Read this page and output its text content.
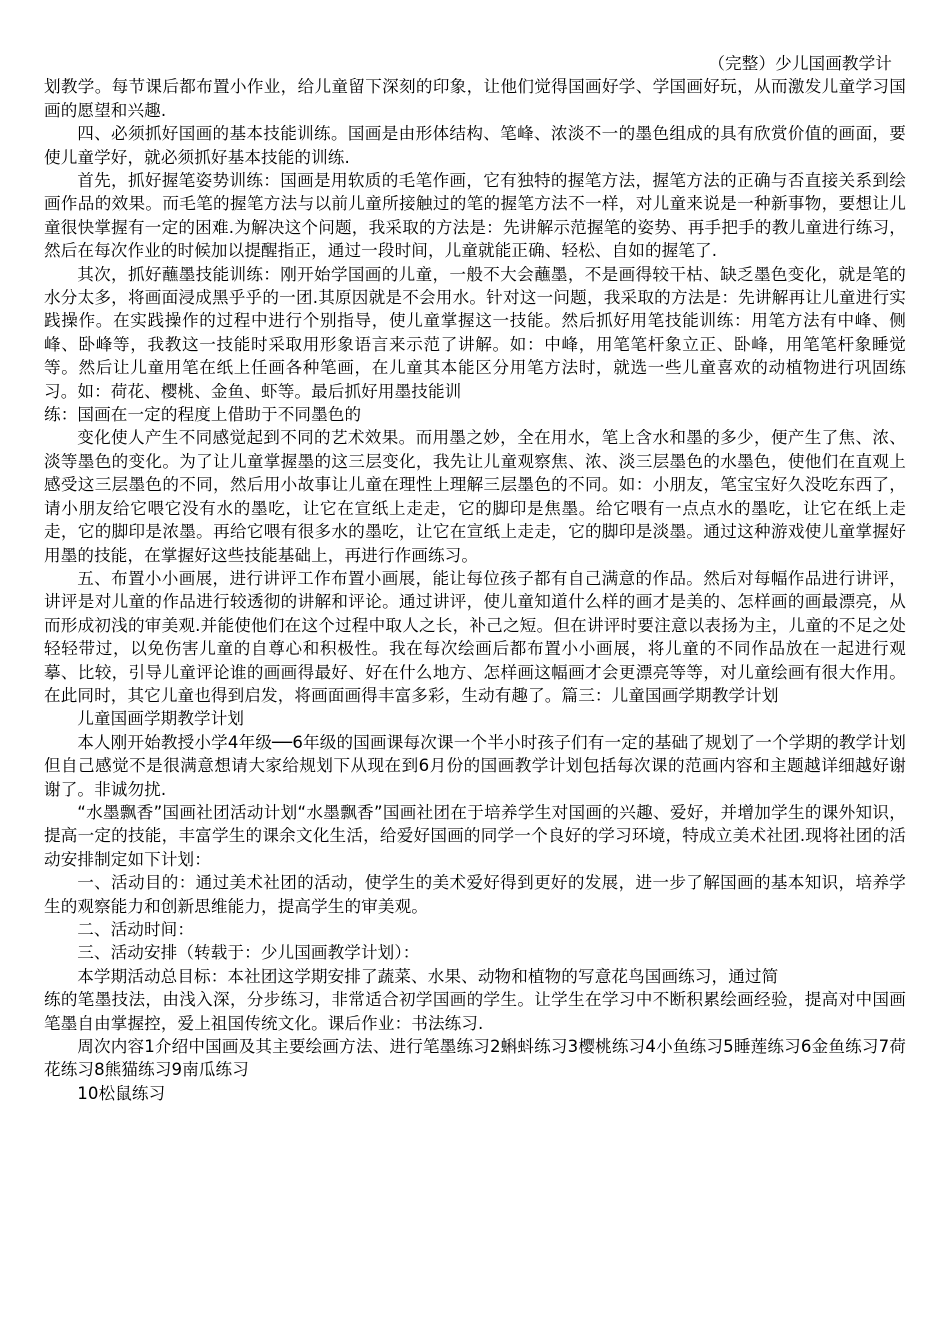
（完整）少儿国画教学计

划教学。每节课后都布置小作业，给儿童留下深刻的印象，让他们觉得国画好学、学国画好玩，从而激发儿童学习国画的愿望和兴趣.

四、必须抓好国画的基本技能训练。国画是由形体结构、笔峰、浓淡不一的墨色组成的具有欣赏价值的画面，要使儿童学好，就必须抓好基本技能的训练.

首先，抓好握笔姿势训练：国画是用软质的毛笔作画，它有独特的握笔方法，握笔方法的正确与否直接关系到绘画作品的效果。而毛笔的握笔方法与以前儿童所接触过的笔的握笔方法不一样，对儿童来说是一种新事物，要想让儿童很快掌握有一定的困难.为解决这个问题，我采取的方法是：先讲解示范握笔的姿势、再手把手的教儿童进行练习，然后在每次作业的时候加以提醒指正，通过一段时间，儿童就能正确、轻松、自如的握笔了.

其次，抓好蘸墨技能训练：刚开始学国画的儿童，一般不大会蘸墨，不是画得较干枯、缺乏墨色变化，就是笔的水分太多，将画面浸成黑乎乎的一团.其原因就是不会用水。针对这一问题，我采取的方法是：先讲解再让儿童进行实践操作。在实践操作的过程中进行个别指导，使儿童掌握这一技能。然后抓好用笔技能训练：用笔方法有中峰、侧峰、卧峰等，我教这一技能时采取用形象语言来示范了讲解。如：中峰，用笔笔杆象立正、卧峰，用笔笔杆象睡觉等。然后让儿童用笔在纸上任画各种笔画，在儿童其本能区分用笔方法时，就选一些儿童喜欢的动植物进行巩固练习。如：荷花、樱桃、金鱼、虾等。最后抓好用墨技能训

练：国画在一定的程度上借助于不同墨色的

变化使人产生不同感觉起到不同的艺术效果。而用墨之妙，全在用水，笔上含水和墨的多少，便产生了焦、浓、淡等墨色的变化。为了让儿童掌握墨的这三层变化，我先让儿童观察焦、浓、淡三层墨色的水墨色，使他们在直观上感受这三层墨色的不同，然后用小故事让儿童在理性上理解三层墨色的不同。如：小朋友，笔宝宝好久没吃东西了，请小朋友给它喂它没有水的墨吃，让它在宣纸上走走，它的脚印是焦墨。给它喂有一点点水的墨吃，让它在纸上走走，它的脚印是浓墨。再给它喂有很多水的墨吃，让它在宣纸上走走，它的脚印是淡墨。通过这种游戏使儿童掌握好用墨的技能，在掌握好这些技能基础上，再进行作画练习。

五、布置小小画展，进行讲评工作布置小画展，能让每位孩子都有自己满意的作品。然后对每幅作品进行讲评，讲评是对儿童的作品进行较透彻的讲解和评论。通过讲评，使儿童知道什么样的画才是美的、怎样画的画最漂亮，从而形成初浅的审美观.并能使他们在这个过程中取人之长，补己之短。但在讲评时要注意以表扬为主，儿童的不足之处轻轻带过，以免伤害儿童的自尊心和积极性。我在每次绘画后都布置小小画展，将儿童的不同作品放在一起进行观摹、比较，引导儿童评论谁的画画得最好、好在什么地方、怎样画这幅画才会更漂亮等等，对儿童绘画有很大作用。在此同时，其它儿童也得到启发，将画面画得丰富多彩，生动有趣了。篇三：儿童国画学期教学计划

儿童国画学期教学计划

本人刚开始教授小学4年级──6年级的国画课每次课一个半小时孩子们有一定的基础了规划了一个学期的教学计划但自己感觉不是很满意想请大家给规划下从现在到6月份的国画教学计划包括每次课的范画内容和主题越详细越好谢谢了。非诚勿扰.

“水墨飘香”国画社团活动计划“水墨飘香”国画社团在于培养学生对国画的兴趣、爱好，并增加学生的课外知识，提高一定的技能，丰富学生的课余文化生活，给爱好国画的同学一个良好的学习环境，特成立美术社团.现将社团的活动安排制定如下计划：

一、活动目的：通过美术社团的活动，使学生的美术爱好得到更好的发展，进一步了解国画的基本知识，培养学生的观察能力和创新思维能力，提高学生的审美观。

二、活动时间：

三、活动安排（转载于：少儿国画教学计划）：

本学期活动总目标：本社团这学期安排了蔬菜、水果、动物和植物的写意花鸟国画练习，通过简

练的笔墨技法，由浅入深，分步练习，非常适合初学国画的学生。让学生在学习中不断积累绘画经验，提高对中国画笔墨自由掌握控，爱上祖国传统文化。课后作业：书法练习.

周次内容1介绍中国画及其主要绘画方法、进行笔墨练习2蝌蚪练习3樱桃练习4小鱼练习5睡莲练习6金鱼练习7荷花练习8熊猫练习9南瓜练习

10松鼠练习
